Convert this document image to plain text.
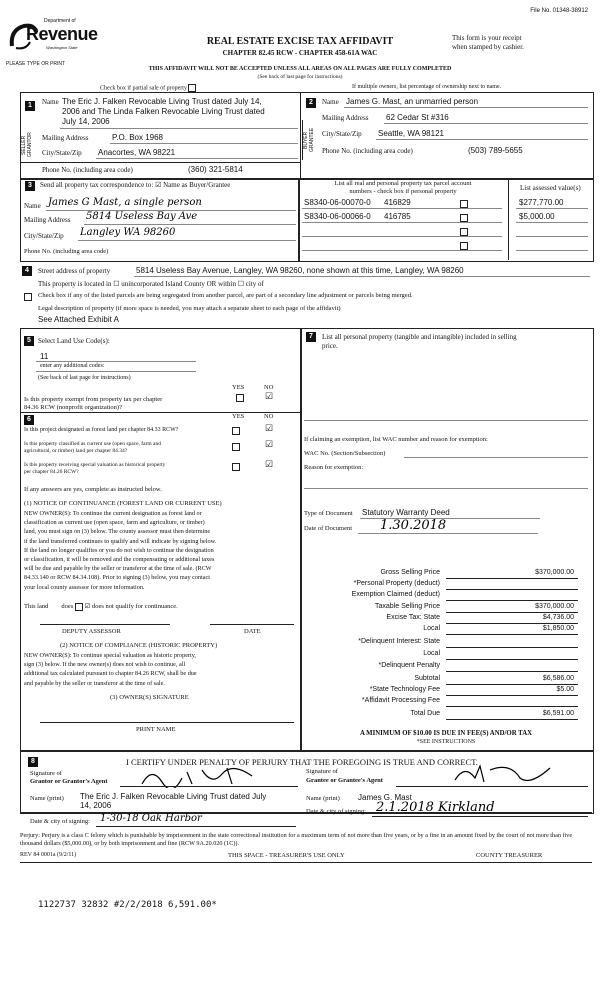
File No. 01348-38912
Department of
Revenue
Washington State
PLEASE TYPE OR PRINT
REAL ESTATE EXCISE TAX AFFIDAVIT
CHAPTER 82.45 RCW - CHAPTER 458-61A WAC
THIS AFFIDAVIT WILL NOT BE ACCEPTED UNLESS ALL AREAS ON ALL PAGES ARE FULLY COMPLETED
(See back of last page for instructions)
This form is your receipt
when stamped by cashier.
Check box if partial sale of property	If multiple owners, list percentage of ownership next to name.
1
SELLER GRANTOR
Name The Eric J. Falken Revocable Living Trust dated July 14,
2006 and The Linda Falken Revocable Living Trust dated
July 14, 2006
Mailing Address	P.O. Box 1968
City/State/Zip Anacortes, WA 98221
Phone No. (including area code)	(360) 321-5814
2
BUYER GRANTEE
Name James G. Mast, an unmarried person
Mailing Address 62 Cedar St #316
City/State/Zip Seattle, WA 98121
Phone No. (including area code)	(503) 789-5655
3	Send all property tax correspondence to: ☑ Name as Buyer/Grantee
Name James G Mast, a single person
Mailing Address 5814 Useless Bay Ave
City/State/Zip Langley WA 98260
Phone No. (including area code)
List all real and personal property tax parcel account
numbers - check box if personal property	List assessed value(s)
S8340-06-00070-0 416829	$277,770.00
S8340-06-00066-0 416785	$5,000.00
4	Street address of property	5814 Useless Bay Avenue, Langley, WA 98260, none shown at this time, Langley, WA 98260
This property is located in ☐ unincorporated Island County OR within ☐ city of
Check box if any of the listed parcels are being segregated from another parcel, are part of a secondary line adjustment or parcels being merged.
Legal description of property (if more space is needed, you may attach a separate sheet to each page of the affidavit)
See Attached Exhibit A
5	Select Land Use Code(s):
11
enter any additional codes:
(See back of last page for instructions)
YES	NO
Is this property exempt from property tax per chapter
84.36 RCW (nonprofit organization)?
☑
6	YES	NO
Is this project designated as forest land per chapter 84.33 RCW?	☑
Is this property classified as current use (open space, farm and
agricultural, or timber) land per chapter 84.34?
☑
Is this property receiving special valuation as historical property
per chapter 84.26 RCW?
☑
If any answers are yes, complete as instructed below.
(1) NOTICE OF CONTINUANCE (FOREST LAND OR CURRENT USE)
NEW OWNER(S): To continue the current designation as forest land or
classification as current use (open space, farm and agriculture, or timber)
land, you must sign on (3) below. The county assessor must then determine
if the land transferred continues to qualify and will indicate by signing below.
If the land no longer qualifies or you do not wish to continue the designation
or classification, it will be removed and the compensating or additional taxes
will be due and payable by the seller or transferor at the time of sale. (RCW
84.33.140 or RCW 84.34.108). Prior to signing (3) below, you may contact
your local county assessor for more information.
This land does ☑ does not qualify for continuance.
DEPUTY ASSESSOR	DATE
(2) NOTICE OF COMPLIANCE (HISTORIC PROPERTY)
NEW OWNER(S): To continue special valuation as historic property,
sign (3) below. If the new owner(s) does not wish to continue, all
additional tax calculated pursuant to chapter 84.26 RCW, shall be due
and payable by the seller or transferor at the time of sale.
(3) OWNER(S) SIGNATURE
PRINT NAME
7	List all personal property (tangible and intangible) included in selling
price.
If claiming an exemption, list WAC number and reason for exemption:
WAC No. (Section/Subsection)
Reason for exemption:
Type of Document Statutory Warranty Deed
Date of Document 1.30.2018
Gross Selling Price	$370,000.00
*Personal Property (deduct)
Exemption Claimed (deduct)
Taxable Selling Price	$370,000.00
Excise Tax: State	$4,736.00
Local	$1,850.00
*Delinquent Interest: State
Local
*Delinquent Penalty
Subtotal	$6,586.00
*State Technology Fee	$5.00
*Affidavit Processing Fee
Total Due	$6,591.00
A MINIMUM OF $10.00 IS DUE IN FEE(S) AND/OR TAX
*SEE INSTRUCTIONS
8	I CERTIFY UNDER PENALTY OF PERJURY THAT THE FOREGOING IS TRUE AND CORRECT.
Signature of
Grantor or Grantor's Agent
Name (print) The Eric J. Falken Revocable Living Trust dated July
14, 2006
Signature of
Grantee or Grantee's Agent
Name (print) James G. Mast
Date & city of signing: 1-30-18 Oak Harbor
Date & city of signing: 2.1.2018 Kirkland
Perjury: Perjury is a class C felony which is punishable by imprisonment in the state correctional institution for a maximum term of not more than five years, or by a fine in an amount fixed by the court of not more than five thousand dollars ($5,000.00), or by both imprisonment and fine (RCW 9A.20.020 (1C)).
REV 84 0001a (9/2/11)	THIS SPACE - TREASURER'S USE ONLY	COUNTY TREASURER
1122737 32832 #2/2/2018 6,591.00*
